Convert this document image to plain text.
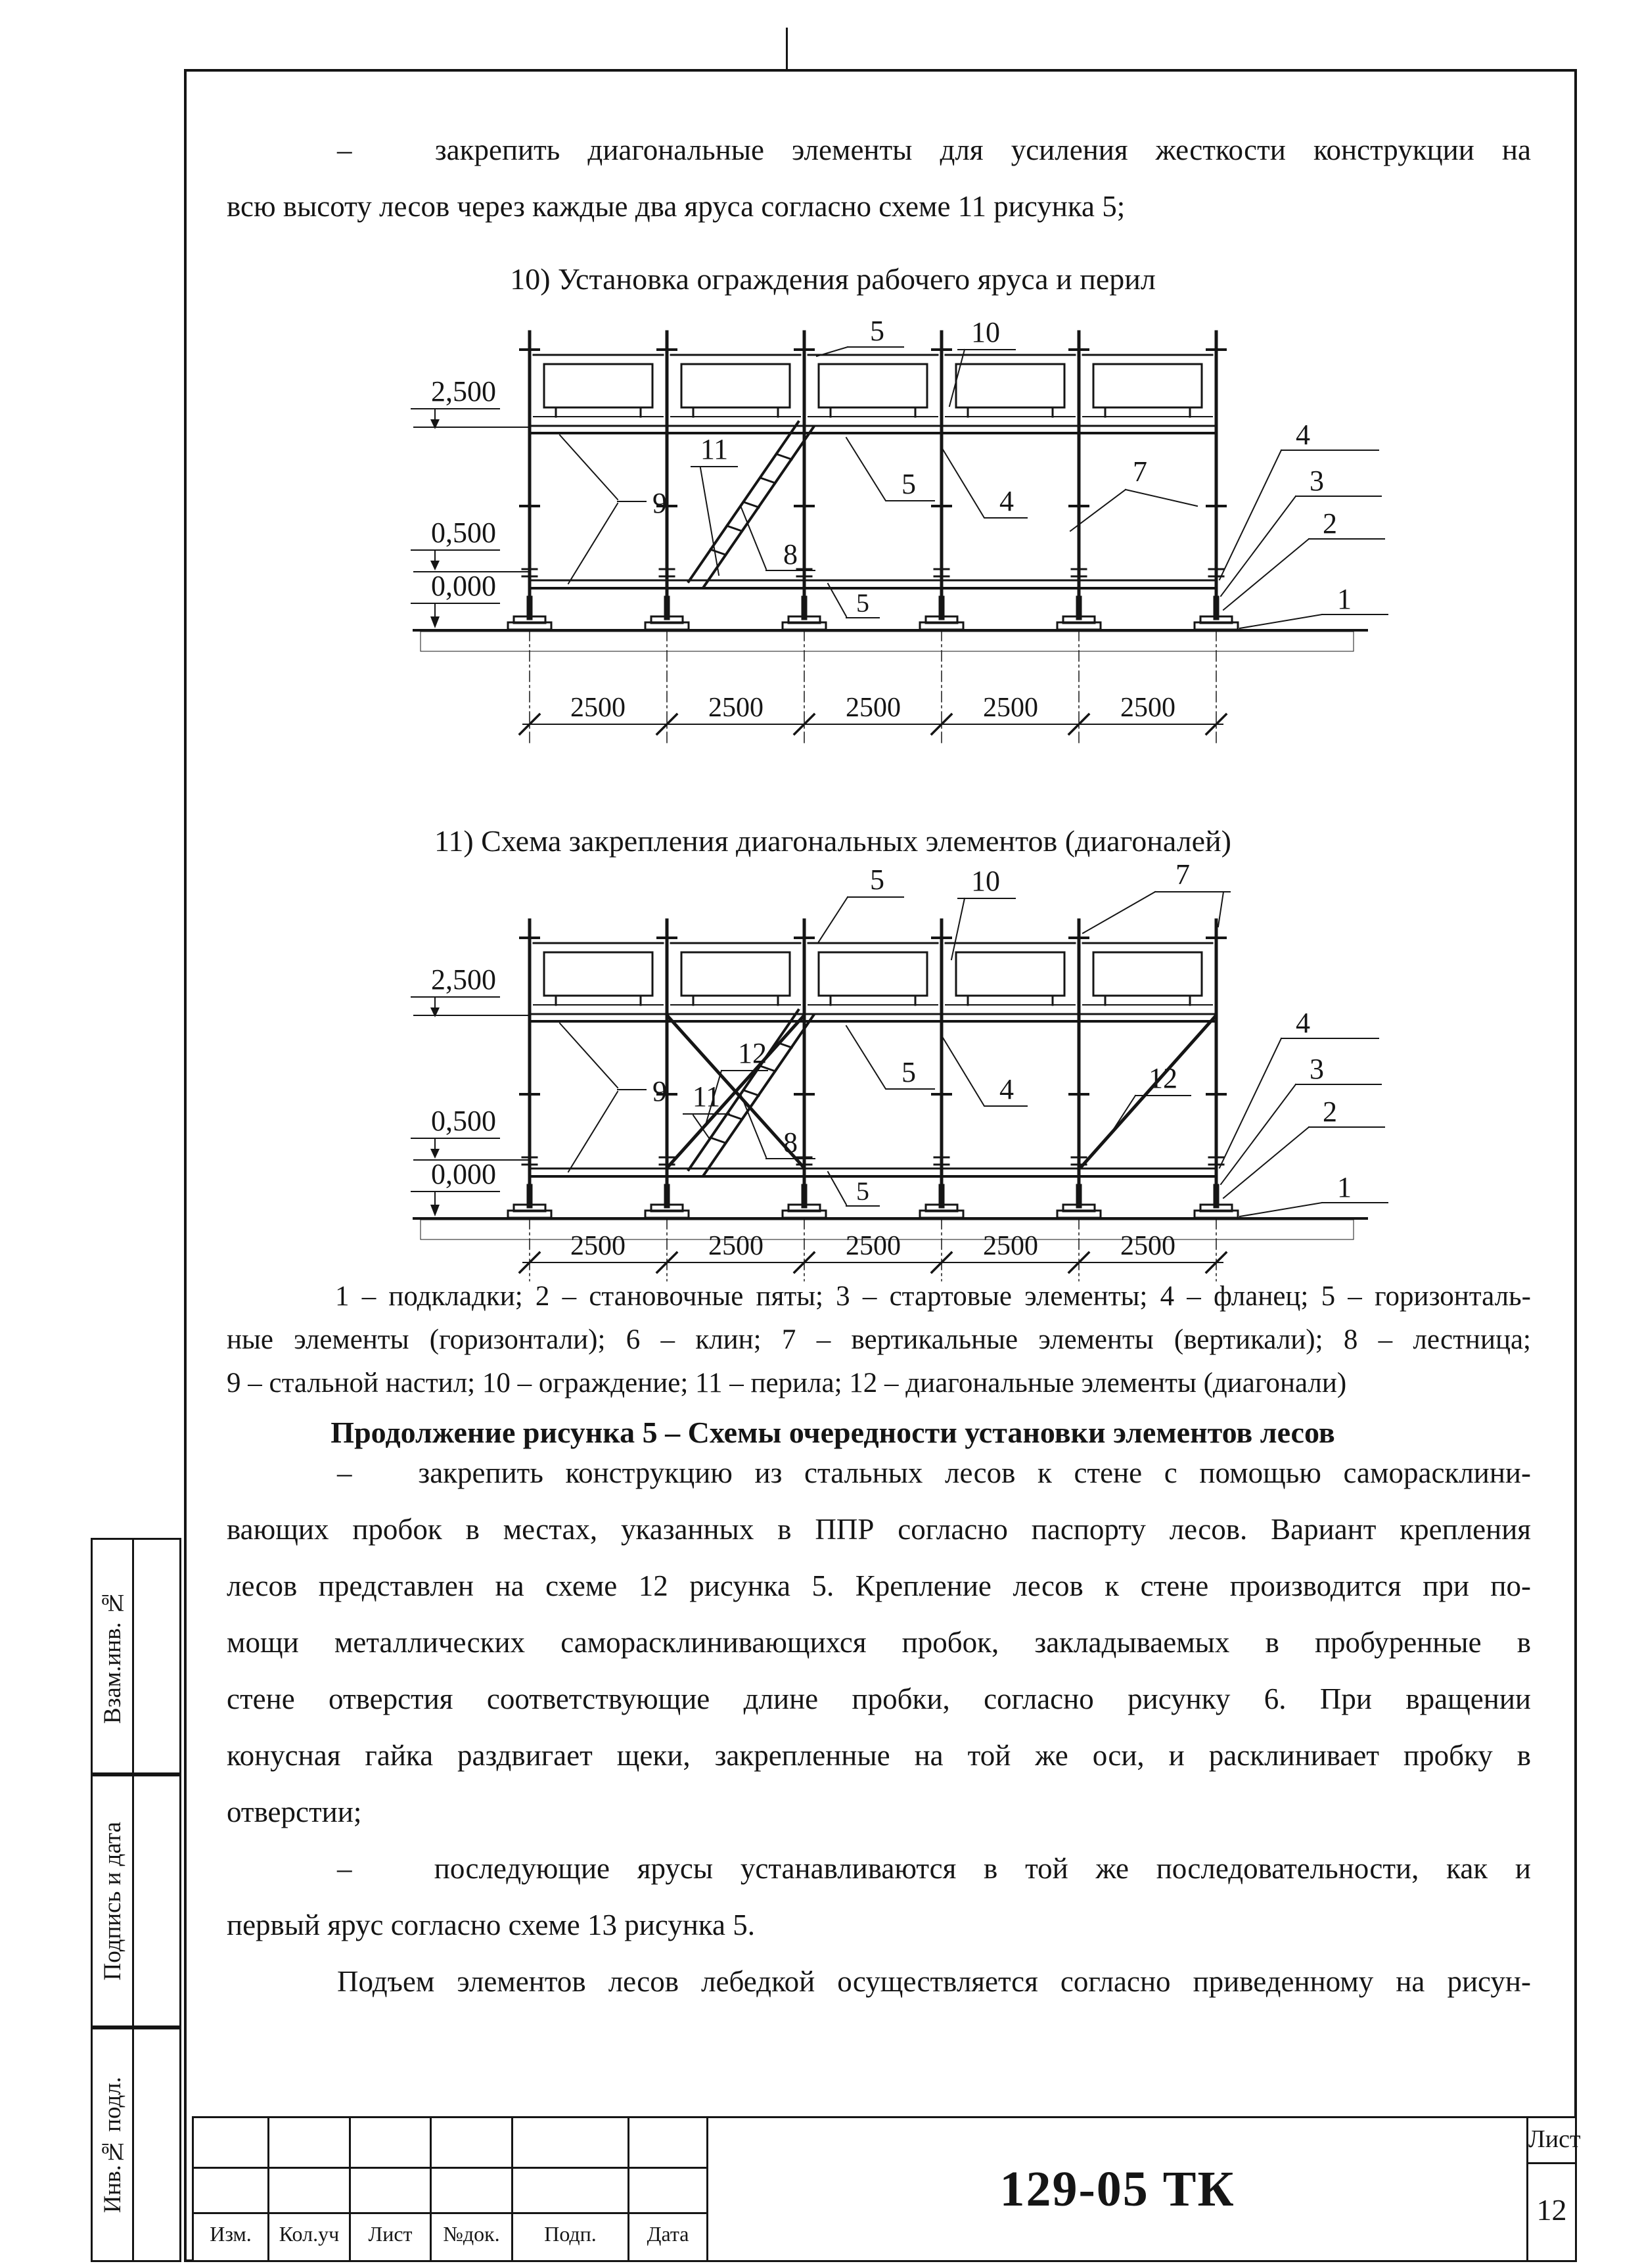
–   закрепить диагональные элементы для усиления жесткости конструкции на
всю высоту лесов через каждые два яруса согласно схеме 11 рисунка 5;
10) Установка ограждения рабочего яруса и перил
2,500
0,500
0,000
2500	2500	2500	2500	2500
5	10
9
11
8
5
4
7
4
3
2
1
5
11) Схема закрепления диагональных элементов (диагоналей)
2,500
0,500
0,000
2500	2500	2500	2500	2500
5	10	7
9 11
12
8
5
4	12
4
3
2
1
5
1 – подкладки; 2 – становочные пяты; 3 – стартовые элементы; 4 – фланец; 5 – горизонталь-
ные элементы (горизонтали); 6 – клин; 7 – вертикальные элементы (вертикали); 8 – лестница;
9 – стальной настил; 10 – ограждение; 11 – перила; 12 – диагональные элементы (диагонали)
Продолжение рисунка 5 – Схемы очередности установки элементов лесов
–   закрепить конструкцию из стальных лесов к стене с помощью саморасклини-
вающих пробок в местах, указанных в ППР согласно паспорту лесов. Вариант крепления
лесов представлен на схеме 12 рисунка 5. Крепление лесов к стене производится при по-
мощи металлических саморасклинивающихся пробок, закладываемых в пробуренные в
стене отверстия соответствующие длине пробки, согласно рисунку 6. При вращении
конусная гайка раздвигает щеки, закрепленные на той же оси, и расклинивает пробку в
отверстии;
–   последующие ярусы устанавливаются в той же последовательности, как и
первый ярус согласно схеме 13 рисунка 5.
Подъем элементов лесов лебедкой осуществляется согласно приведенному на рисун-
Взам.инв. №
Подпись и дата
Инв.№ подл.
Изм.	Кол.уч	Лист	№док.	Подп.	Дата
129-05 ТК
Лист
12
